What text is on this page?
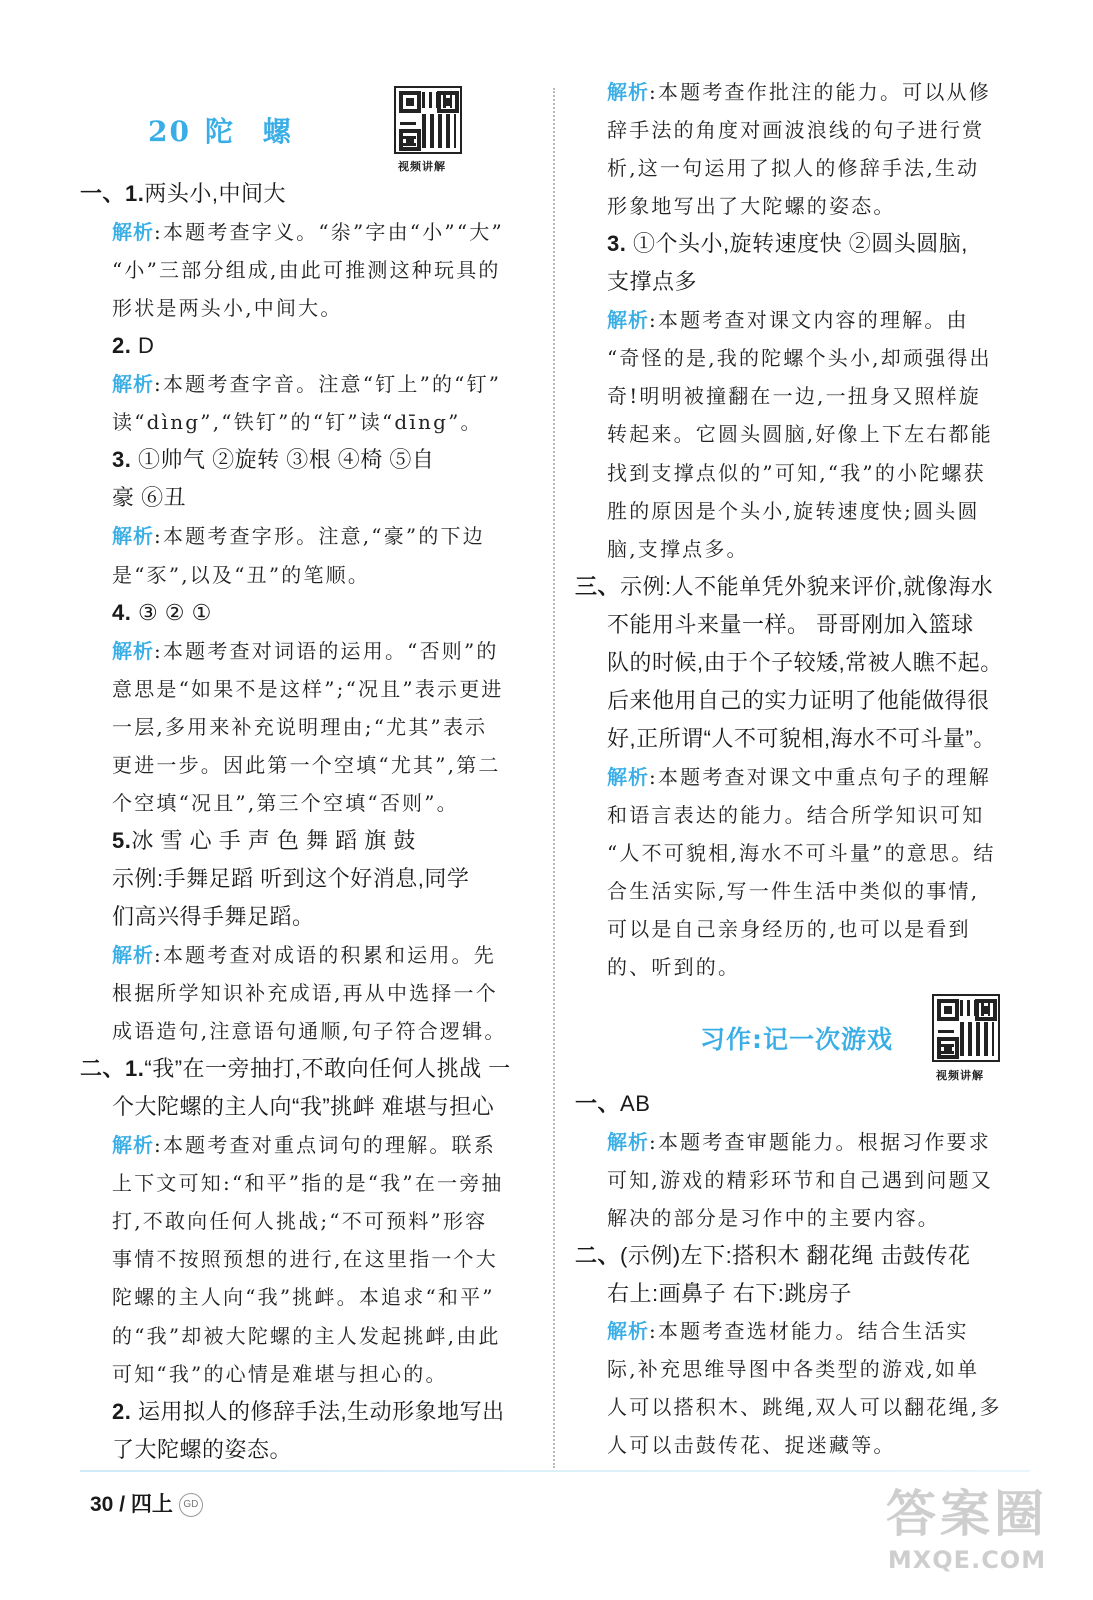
20 陀 螺
视频讲解
一、1.两头小,中间大
解析:本题考查字义。“尜”字由“小”“大”
“小”三部分组成,由此可推测这种玩具的
形状是两头小,中间大。
2. D
解析:本题考查字音。注意“钉上”的“钉”
读“dìng”,“铁钉”的“钉”读“dīng”。
3. ①帅气 ②旋转 ③根 ④椅 ⑤自
豪 ⑥丑
解析:本题考查字形。注意,“豪”的下边
是“豕”,以及“丑”的笔顺。
4. ③ ② ①
解析:本题考查对词语的运用。“否则”的
意思是“如果不是这样”;“况且”表示更进
一层,多用来补充说明理由;“尤其”表示
更进一步。因此第一个空填“尤其”,第二
个空填“况且”,第三个空填“否则”。
5.冰 雪 心 手 声 色 舞 蹈 旗 鼓
示例:手舞足蹈 听到这个好消息,同学
们高兴得手舞足蹈。
解析:本题考查对成语的积累和运用。先
根据所学知识补充成语,再从中选择一个
成语造句,注意语句通顺,句子符合逻辑。
二、1.“我”在一旁抽打,不敢向任何人挑战 一
个大陀螺的主人向“我”挑衅 难堪与担心
解析:本题考查对重点词句的理解。联系
上下文可知:“和平”指的是“我”在一旁抽
打,不敢向任何人挑战;“不可预料”形容
事情不按照预想的进行,在这里指一个大
陀螺的主人向“我”挑衅。本追求“和平”
的“我”却被大陀螺的主人发起挑衅,由此
可知“我”的心情是难堪与担心的。
2. 运用拟人的修辞手法,生动形象地写出
了大陀螺的姿态。
解析:本题考查作批注的能力。可以从修
辞手法的角度对画波浪线的句子进行赏
析,这一句运用了拟人的修辞手法,生动
形象地写出了大陀螺的姿态。
3. ①个头小,旋转速度快 ②圆头圆脑,
支撑点多
解析:本题考查对课文内容的理解。由
“奇怪的是,我的陀螺个头小,却顽强得出
奇!明明被撞翻在一边,一扭身又照样旋
转起来。它圆头圆脑,好像上下左右都能
找到支撑点似的”可知,“我”的小陀螺获
胜的原因是个头小,旋转速度快;圆头圆
脑,支撑点多。
三、示例:人不能单凭外貌来评价,就像海水
不能用斗来量一样。 哥哥刚加入篮球
队的时候,由于个子较矮,常被人瞧不起。
后来他用自己的实力证明了他能做得很
好,正所谓“人不可貌相,海水不可斗量”。
解析:本题考查对课文中重点句子的理解
和语言表达的能力。结合所学知识可知
“人不可貌相,海水不可斗量”的意思。结
合生活实际,写一件生活中类似的事情,
可以是自己亲身经历的,也可以是看到
的、听到的。
一、AB
解析:本题考查审题能力。根据习作要求
可知,游戏的精彩环节和自己遇到问题又
解决的部分是习作中的主要内容。
二、(示例)左下:搭积木 翻花绳 击鼓传花
右上:画鼻子 右下:跳房子
解析:本题考查选材能力。结合生活实
际,补充思维导图中各类型的游戏,如单
人可以搭积木、跳绳,双人可以翻花绳,多
人可以击鼓传花、捉迷藏等。
习作:记一次游戏
视频讲解
30 / 四上 GD	答案圈
MXQE.COM
